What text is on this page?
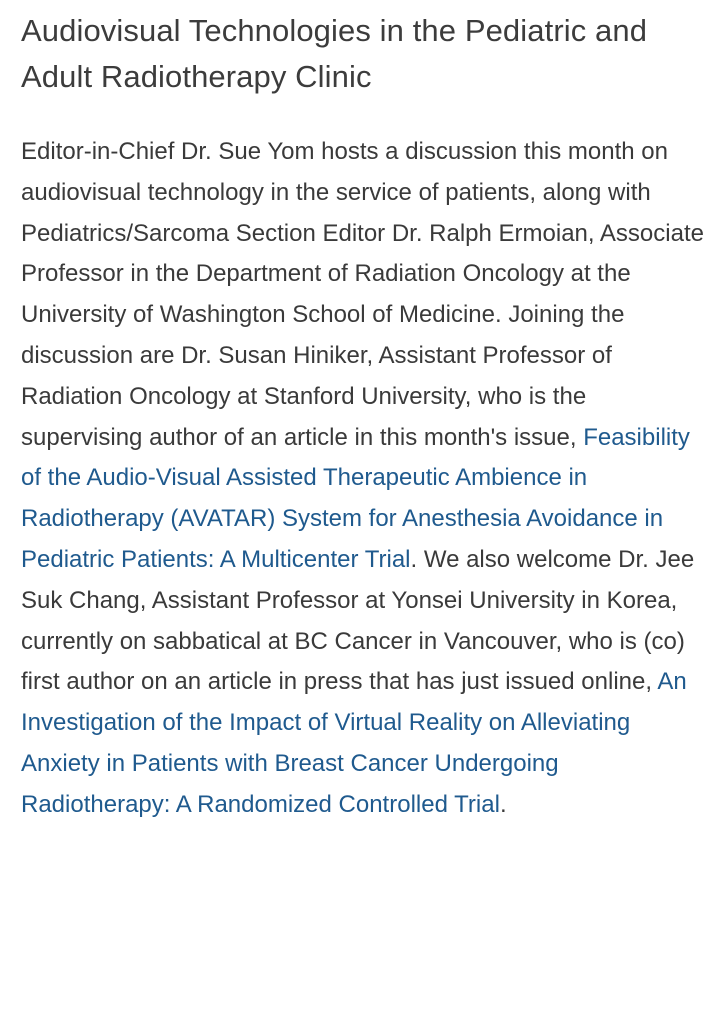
Audiovisual Technologies in the Pediatric and Adult Radiotherapy Clinic

Editor-in-Chief Dr. Sue Yom hosts a discussion this month on audiovisual technology in the service of patients, along with Pediatrics/Sarcoma Section Editor Dr. Ralph Ermoian, Associate Professor in the Department of Radiation Oncology at the University of Washington School of Medicine. Joining the discussion are Dr. Susan Hiniker, Assistant Professor of Radiation Oncology at Stanford University, who is the supervising author of an article in this month's issue, Feasibility of the Audio-Visual Assisted Therapeutic Ambience in Radiotherapy (AVATAR) System for Anesthesia Avoidance in Pediatric Patients: A Multicenter Trial. We also welcome Dr. Jee Suk Chang, Assistant Professor at Yonsei University in Korea, currently on sabbatical at BC Cancer in Vancouver, who is (co) first author on an article in press that has just issued online, An Investigation of the Impact of Virtual Reality on Alleviating Anxiety in Patients with Breast Cancer Undergoing Radiotherapy: A Randomized Controlled Trial.
